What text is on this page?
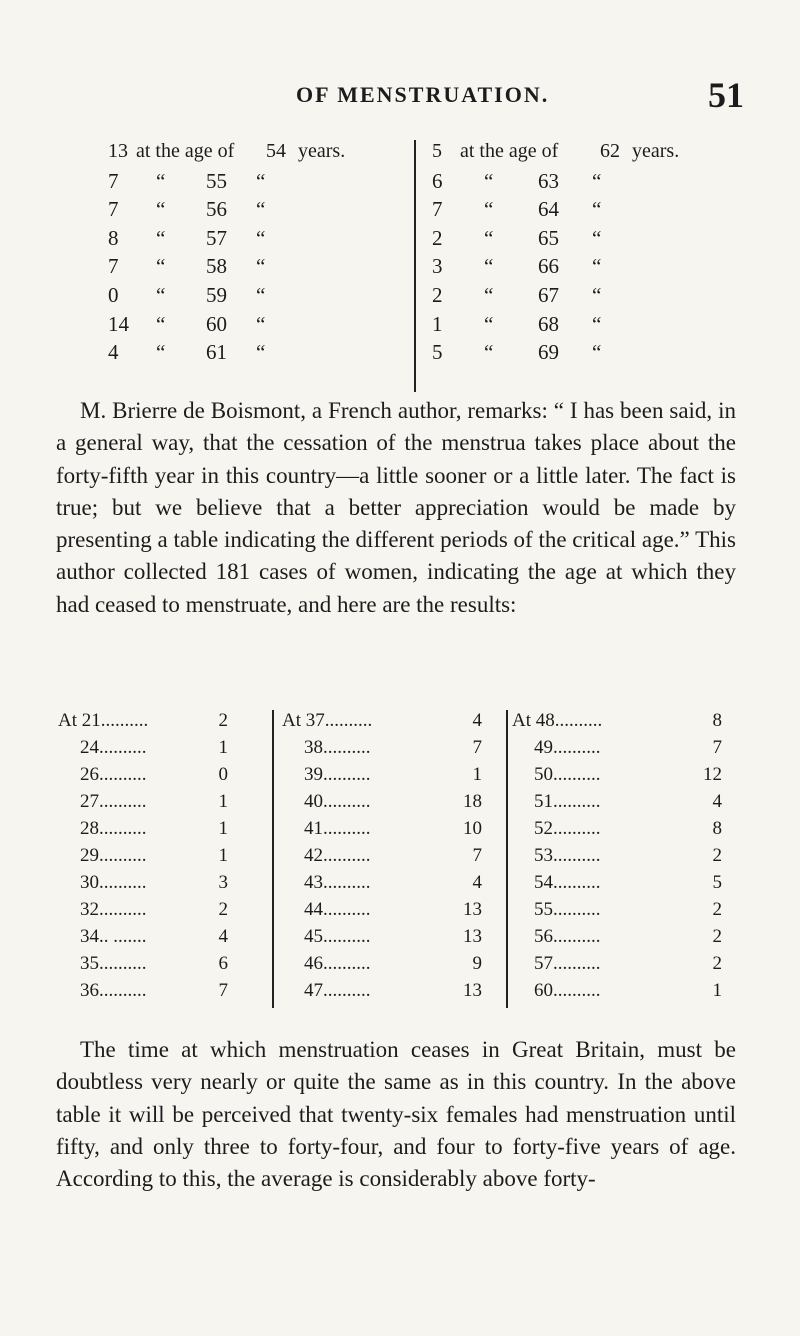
OF MENSTRUATION.	51
13 at the age of 54 years.
7 “ 55 “
7 “ 56 “
8 “ 57 “
7 “ 58 “
0 “ 59 “
14 “ 60 “
4 “ 61 “
5 at the age of 62 years.
6 “ 63 “
7 “ 64 “
2 “ 65 “
3 “ 66 “
2 “ 67 “
1 “ 68 “
5 “ 69 “

M. Brierre de Boismont, a French author, remarks: “ I has been said, in a general way, that the cessation of the menstrua takes place about the forty-fifth year in this country—a little sooner or a little later. The fact is true; but we believe that a better appreciation would be made by presenting a table indicating the different periods of the critical age.” This author collected 181 cases of women, indicating the age at which they had ceased to menstruate, and here are the results:

At 21..........	2
24..........	1
26..........	0
27..........	1
28..........	1
29..........	1
30..........	3
32..........	2
34.. .......	4
35..........	6
36..........	7
At 37..........	4
38..........	7
39..........	1
40..........	18
41..........	10
42..........	7
43..........	4
44..........	13
45..........	13
46..........	9
47..........	13
At 48..........	8
49..........	7
50..........	12
51..........	4
52..........	8
53..........	2
54..........	5
55..........	2
56..........	2
57..........	2
60..........	1

The time at which menstruation ceases in Great Britain, must be doubtless very nearly or quite the same as in this country. In the above table it will be perceived that twenty-six females had menstruation until fifty, and only three to forty-four, and four to forty-five years of age. According to this, the average is considerably above forty-
